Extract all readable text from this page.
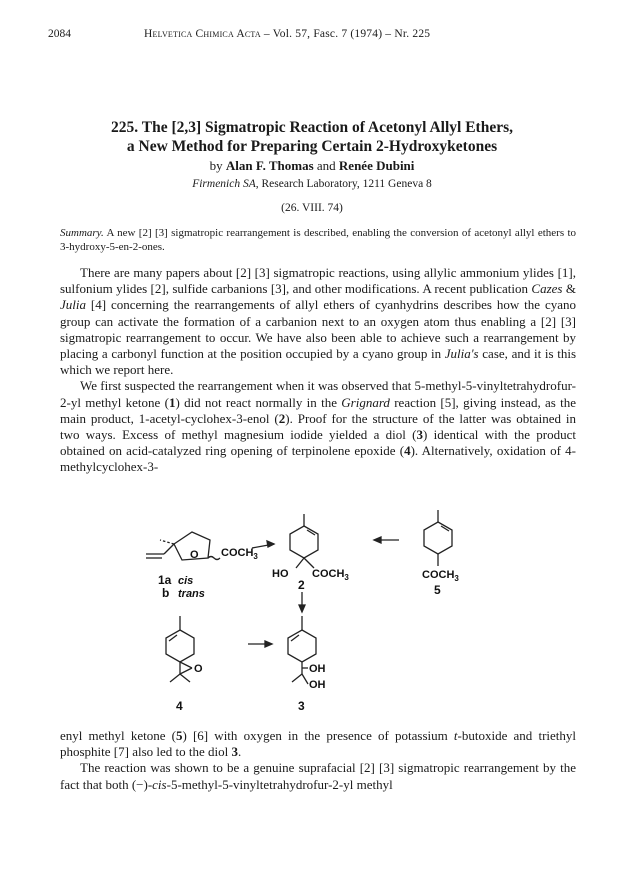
2084	Helvetica Chimica Acta – Vol. 57, Fasc. 7 (1974) – Nr. 225
225. The [2,3] Sigmatropic Reaction of Acetonyl Allyl Ethers,
a New Method for Preparing Certain 2-Hydroxyketones
by Alan F. Thomas and Renée Dubini
Firmenich SA, Research Laboratory, 1211 Geneva 8
(26. VIII. 74)
Summary. A new [2] [3] sigmatropic rearrangement is described, enabling the conversion of acetonyl allyl ethers to 3-hydroxy-5-en-2-ones.

There are many papers about [2] [3] sigmatropic reactions, using allylic ammonium ylides [1], sulfonium ylides [2], sulfide carbanions [3], and other modifications. A recent publication Cazes & Julia [4] concerning the rearrangements of allyl ethers of cyanhydrins describes how the cyano group can activate the formation of a carbanion next to an oxygen atom thus enabling a [2] [3] sigmatropic rearrangement to occur. We have also been able to achieve such a rearrangement by placing a carbonyl function at the position occupied by a cyano group in Julia's case, and it is this which we report here.

We first suspected the rearrangement when it was observed that 5-methyl-5-vinyltetrahydrofur-2-yl methyl ketone (1) did not react normally in the Grignard reaction [5], giving instead, as the main product, 1-acetyl-cyclohex-3-enol (2). Proof for the structure of the latter was obtained in two ways. Excess of methyl magnesium iodide yielded a diol (3) identical with the product obtained on acid-catalyzed ring opening of terpinolene epoxide (4). Alternatively, oxidation of 4-methylcyclohex-3-

O $COCH_3$
1a cis
b trans
HO $COCH_3$
2
$COCH_3$
5
O
4
OH
OH
3

enyl methyl ketone (5) [6] with oxygen in the presence of potassium t-butoxide and triethyl phosphite [7] also led to the diol 3.

The reaction was shown to be a genuine suprafacial [2] [3] sigmatropic rearrangement by the fact that both (−)-cis-5-methyl-5-vinyltetrahydrofur-2-yl methyl
